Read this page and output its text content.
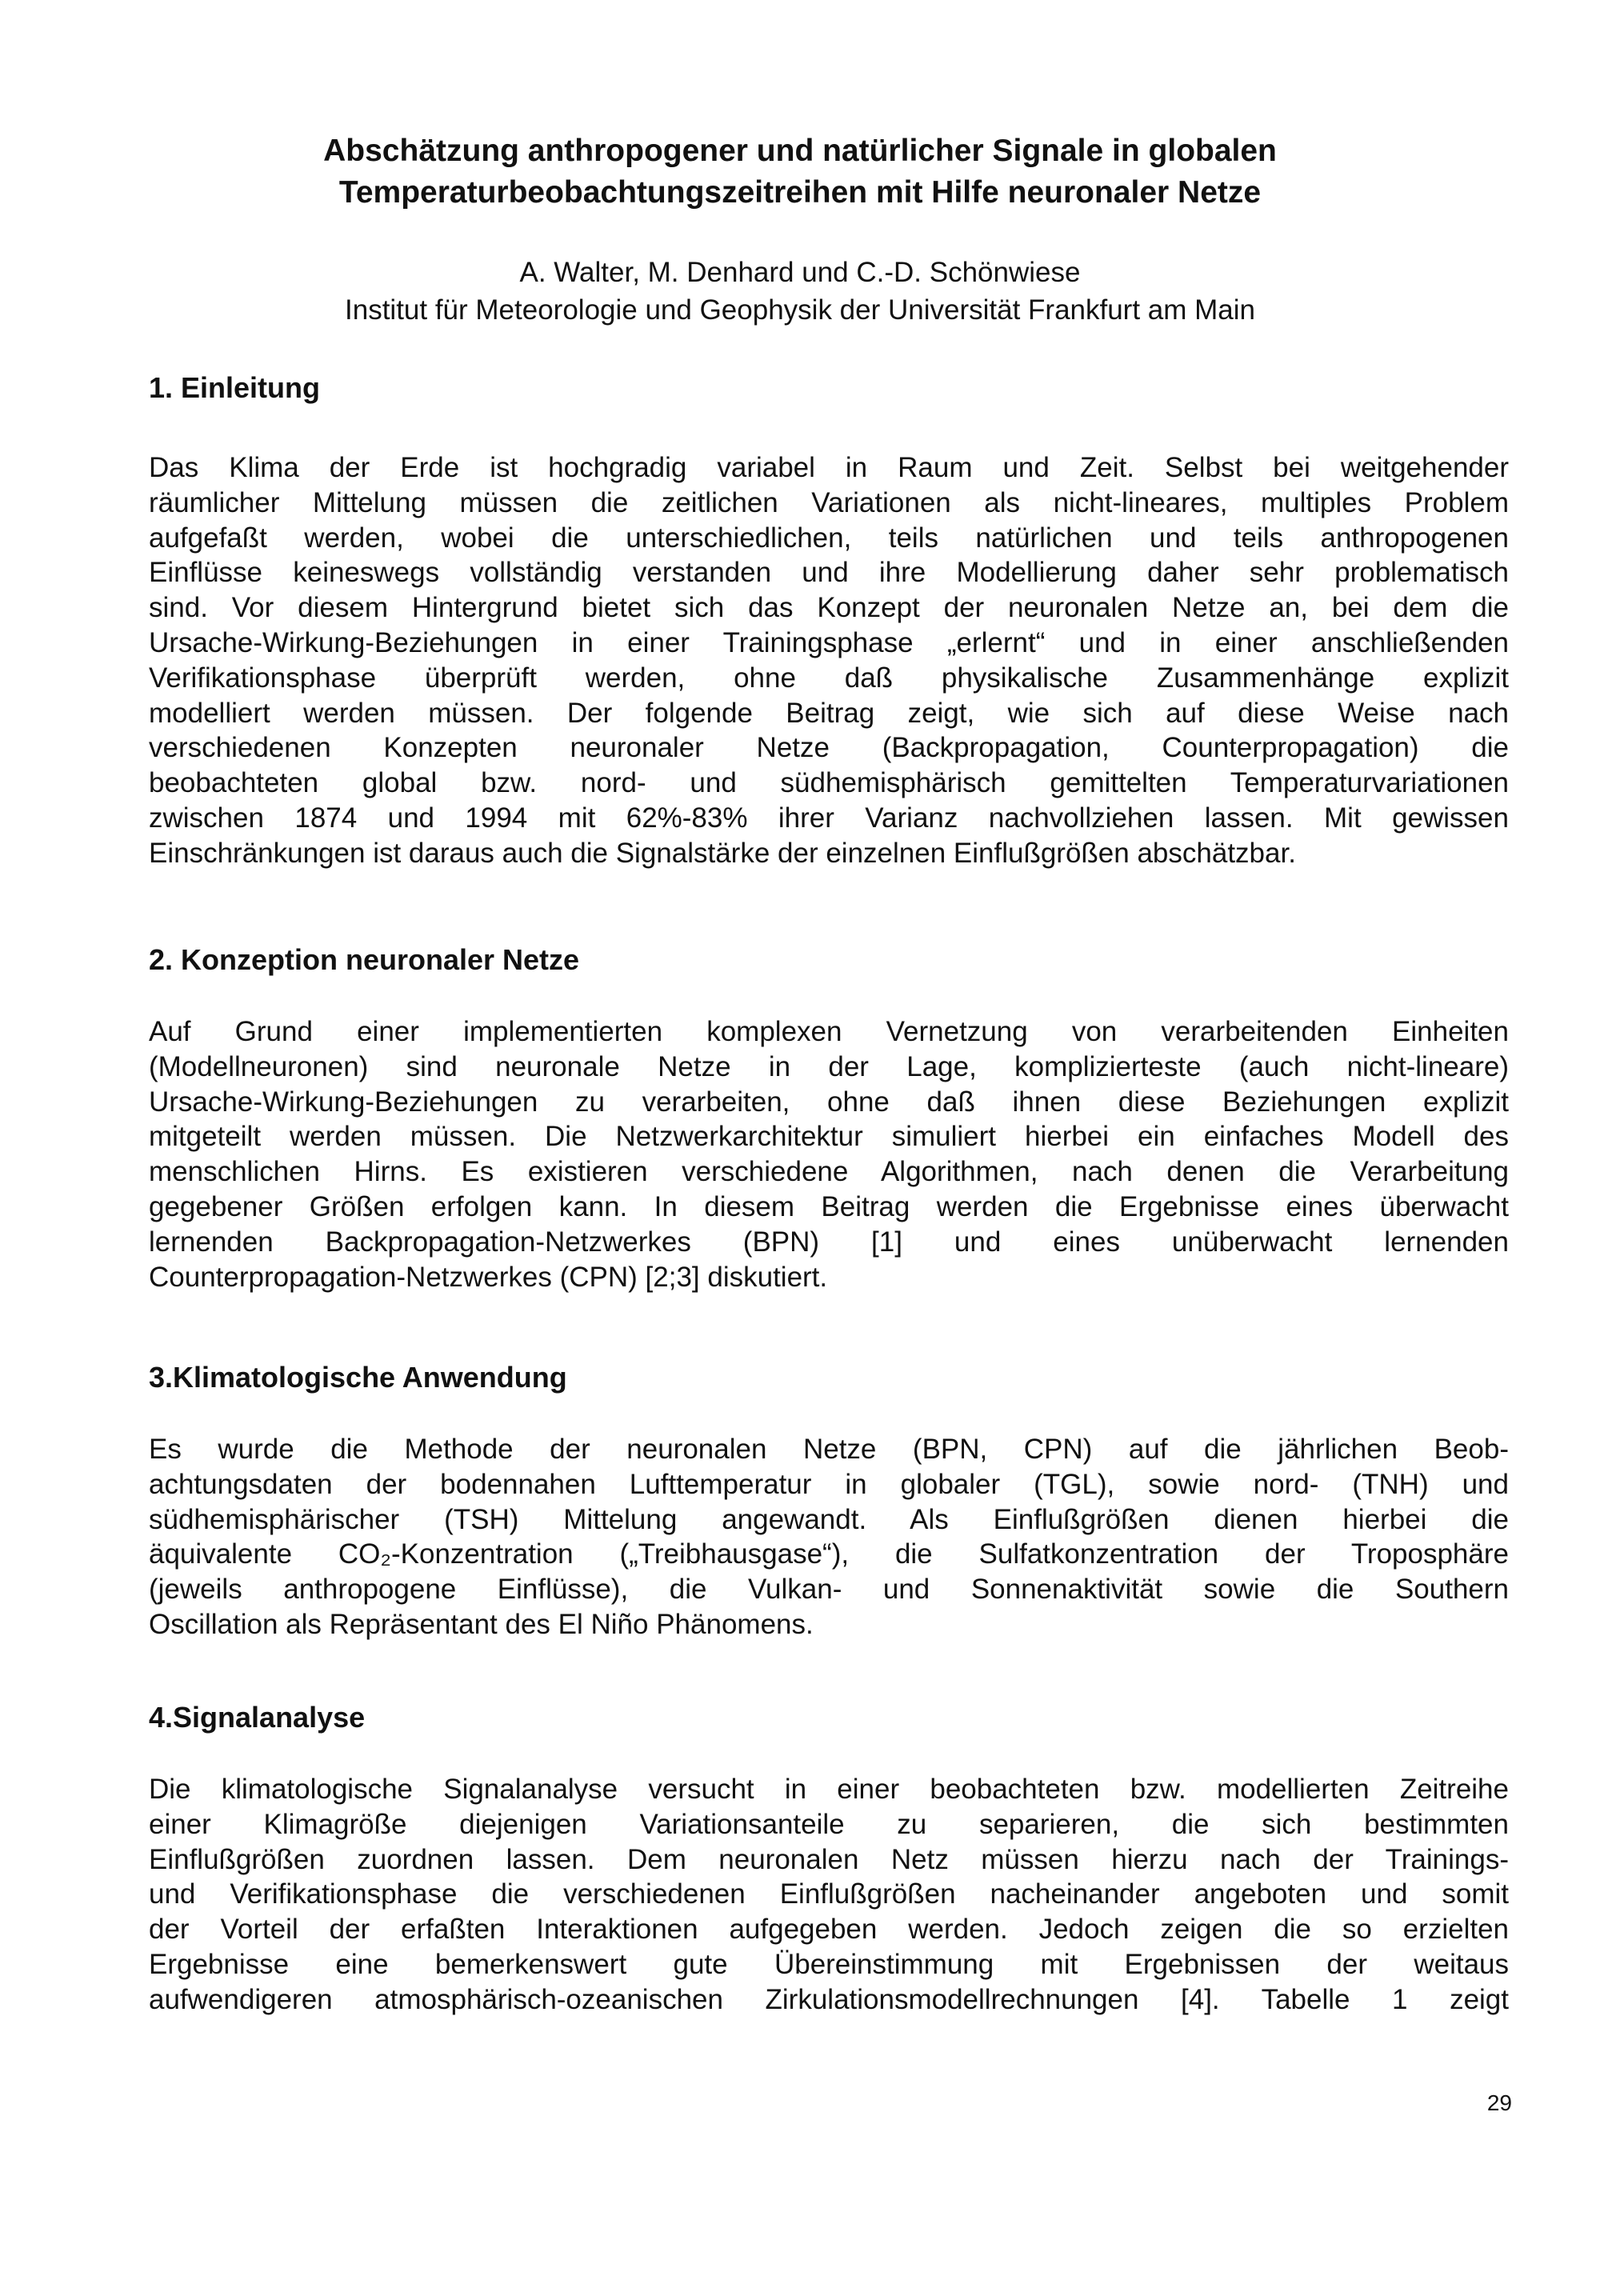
Abschätzung anthropogener und natürlicher Signale in globalen
Temperaturbeobachtungszeitreihen mit Hilfe neuronaler Netze
A. Walter, M. Denhard und C.-D. Schönwiese
Institut für Meteorologie und Geophysik der Universität Frankfurt am Main
1. Einleitung
Das Klima der Erde ist hochgradig variabel in Raum und Zeit. Selbst bei weitgehender
räumlicher Mittelung müssen die zeitlichen Variationen als nicht-lineares, multiples Problem
aufgefaßt werden, wobei die unterschiedlichen, teils natürlichen und teils anthropogenen
Einflüsse keineswegs vollständig verstanden und ihre Modellierung daher sehr problematisch
sind. Vor diesem Hintergrund bietet sich das Konzept der neuronalen Netze an, bei dem die
Ursache-Wirkung-Beziehungen in einer Trainingsphase „erlernt“ und in einer anschließenden
Verifikationsphase überprüft werden, ohne daß physikalische Zusammenhänge explizit
modelliert werden müssen. Der folgende Beitrag zeigt, wie sich auf diese Weise nach
verschiedenen Konzepten neuronaler Netze (Backpropagation, Counterpropagation) die
beobachteten global bzw. nord- und südhemisphärisch gemittelten Temperaturvariationen
zwischen 1874 und 1994 mit 62%-83% ihrer Varianz nachvollziehen lassen. Mit gewissen
Einschränkungen ist daraus auch die Signalstärke der einzelnen Einflußgrößen abschätzbar.
2. Konzeption neuronaler Netze
Auf Grund einer implementierten komplexen Vernetzung von verarbeitenden Einheiten
(Modellneuronen) sind neuronale Netze in der Lage, komplizierteste (auch nicht-lineare)
Ursache-Wirkung-Beziehungen zu verarbeiten, ohne daß ihnen diese Beziehungen explizit
mitgeteilt werden müssen. Die Netzwerkarchitektur simuliert hierbei ein einfaches Modell des
menschlichen Hirns. Es existieren verschiedene Algorithmen, nach denen die Verarbeitung
gegebener Größen erfolgen kann. In diesem Beitrag werden die Ergebnisse eines überwacht
lernenden Backpropagation-Netzwerkes (BPN) [1] und eines unüberwacht lernenden
Counterpropagation-Netzwerkes (CPN) [2;3] diskutiert.
3.Klimatologische Anwendung
Es wurde die Methode der neuronalen Netze (BPN, CPN) auf die jährlichen Beob-
achtungsdaten der bodennahen Lufttemperatur in globaler (TGL), sowie nord- (TNH) und
südhemisphärischer (TSH) Mittelung angewandt. Als Einflußgrößen dienen hierbei die
äquivalente CO₂-Konzentration („Treibhausgase“), die Sulfatkonzentration der Troposphäre
(jeweils anthropogene Einflüsse), die Vulkan- und Sonnenaktivität sowie die Southern
Oscillation als Repräsentant des El Niño Phänomens.
4.Signalanalyse
Die klimatologische Signalanalyse versucht in einer beobachteten bzw. modellierten Zeitreihe
einer Klimagröße diejenigen Variationsanteile zu separieren, die sich bestimmten
Einflußgrößen zuordnen lassen. Dem neuronalen Netz müssen hierzu nach der Trainings-
und Verifikationsphase die verschiedenen Einflußgrößen nacheinander angeboten und somit
der Vorteil der erfaßten Interaktionen aufgegeben werden. Jedoch zeigen die so erzielten
Ergebnisse eine bemerkenswert gute Übereinstimmung mit Ergebnissen der weitaus
aufwendigeren atmosphärisch-ozeanischen Zirkulationsmodellrechnungen [4]. Tabelle 1 zeigt
29
